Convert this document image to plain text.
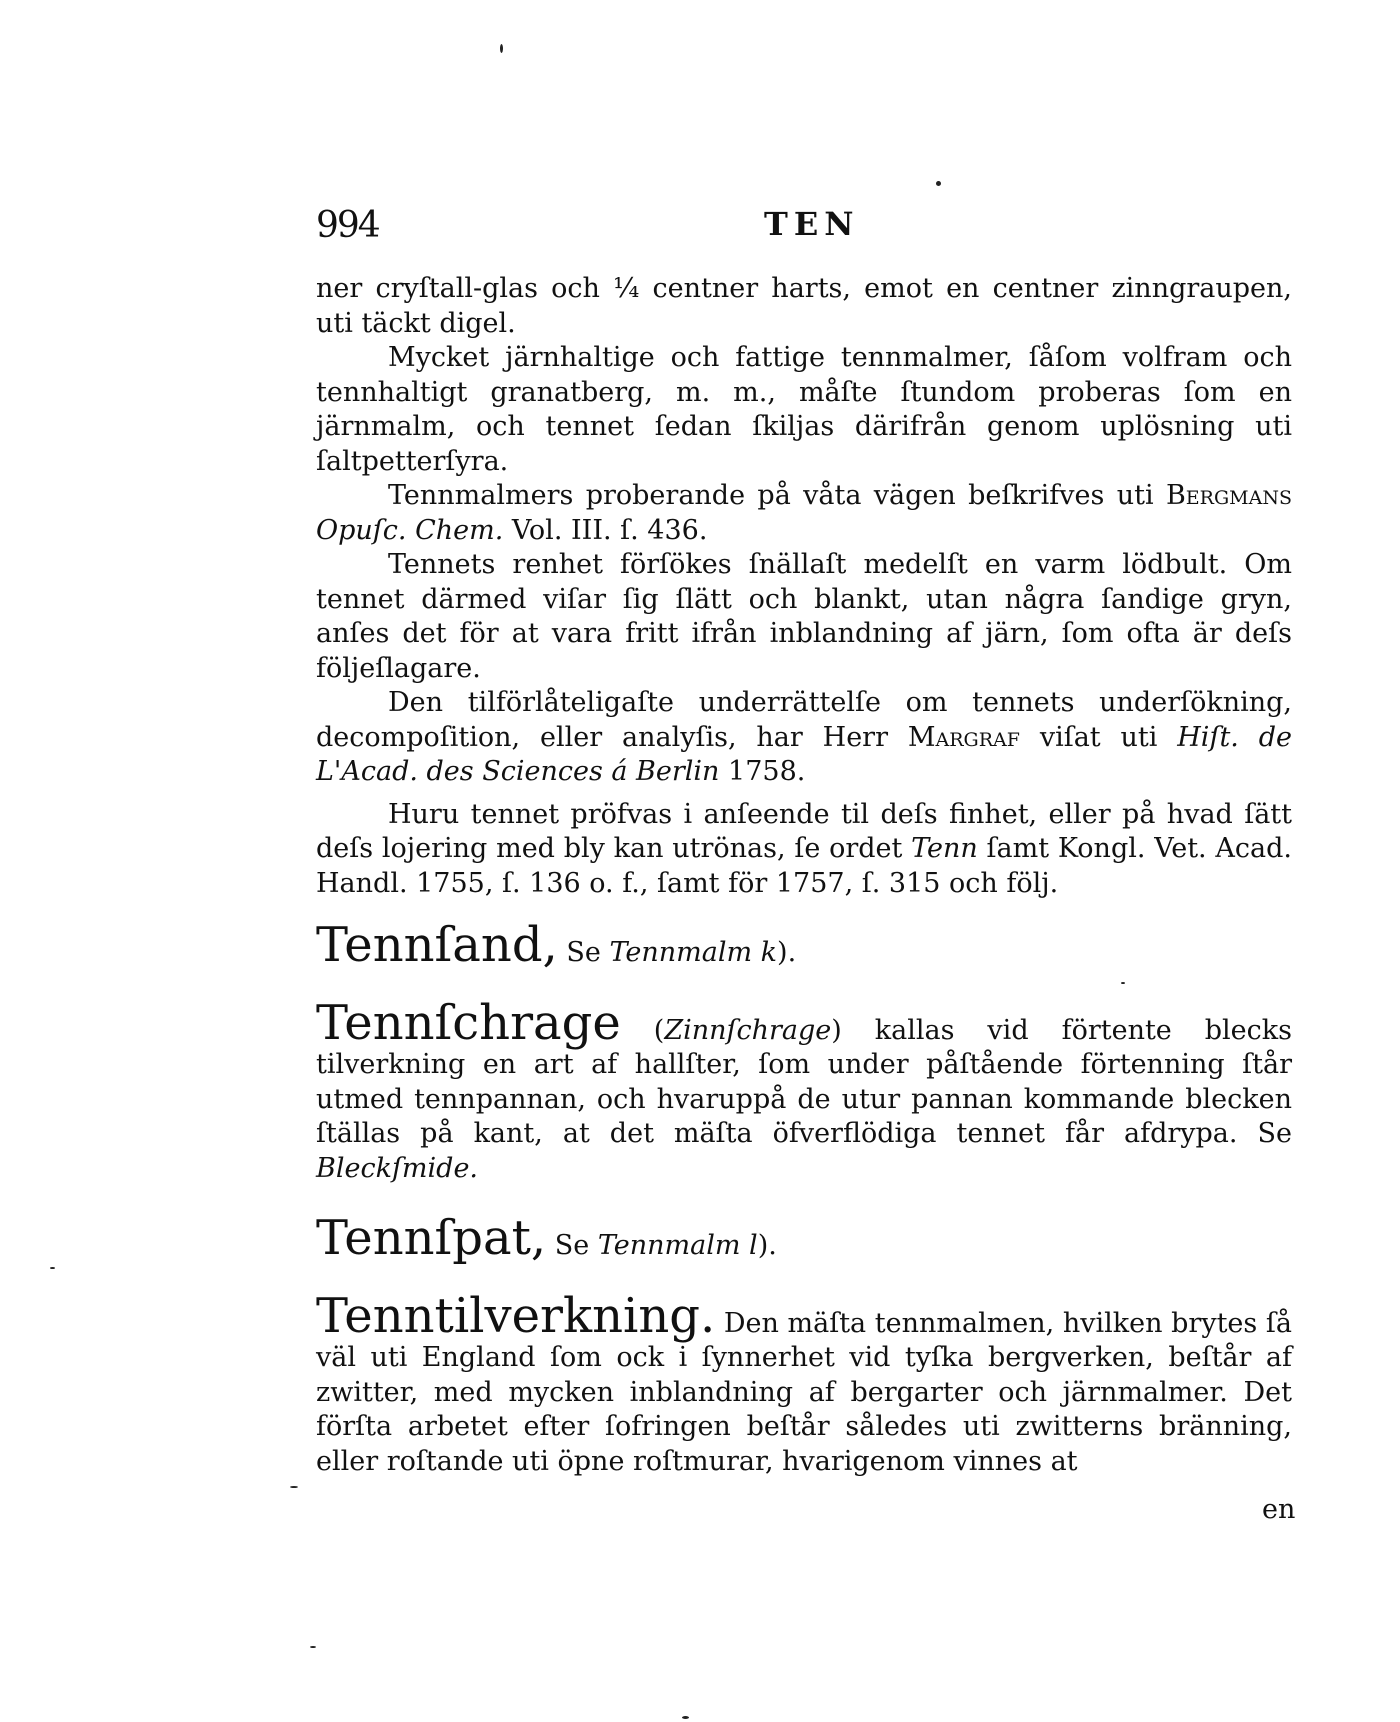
994	TEN

ner cryſtall-glas och ¼ centner harts, emot en centner zinngraupen, uti täckt digel.

Mycket järnhaltige och fattige tennmalmer, ſåſom volfram och tennhaltigt granatberg, m. m., måſte ſtundom proberas ſom en järnmalm, och tennet ſedan ſkiljas därifrån genom uplösning uti ſaltpetterſyra.

Tennmalmers proberande på våta vägen beſkrifves uti Bergmans Opuſc. Chem. Vol. III. ſ. 436.

Tennets renhet förſökes ſnällaſt medelſt en varm lödbult. Om tennet därmed viſar ſig ſlätt och blankt, utan några ſandige gryn, anſes det för at vara fritt ifrån inblandning af järn, ſom ofta är deſs följeſlagare.

Den tilförlåteligaſte underrättelſe om tennets underſökning, decompoſition, eller analyſis, har Herr Margraf viſat uti Hiſt. de L'Acad. des Sciences á Berlin 1758.

Huru tennet pröfvas i anſeende til deſs finhet, eller på hvad ſätt deſs lojering med bly kan utrönas, ſe ordet Tenn ſamt Kongl. Vet. Acad. Handl. 1755, ſ. 136 o. f., ſamt för 1757, ſ. 315 och följ.

Tennſand, Se Tennmalm k).

Tennſchrage (Zinnſchrage) kallas vid förtente blecks tilverkning en art af hallſter, ſom under påſtående förtenning ſtår utmed tennpannan, och hvaruppå de utur pannan kommande blecken ſtällas på kant, at det mäſta öfverflödiga tennet får afdrypa. Se Bleckſmide.

Tennſpat, Se Tennmalm l).

Tenntilverkning. Den mäſta tennmalmen, hvilken brytes ſå väl uti England ſom ock i ſynnerhet vid tyſka bergverken, beſtår af zwitter, med mycken inblandning af bergarter och järnmalmer. Det förſta arbetet efter ſofringen beſtår således uti zwitterns bränning, eller roſtande uti öpne roſtmurar, hvarigenom vinnes at

en
